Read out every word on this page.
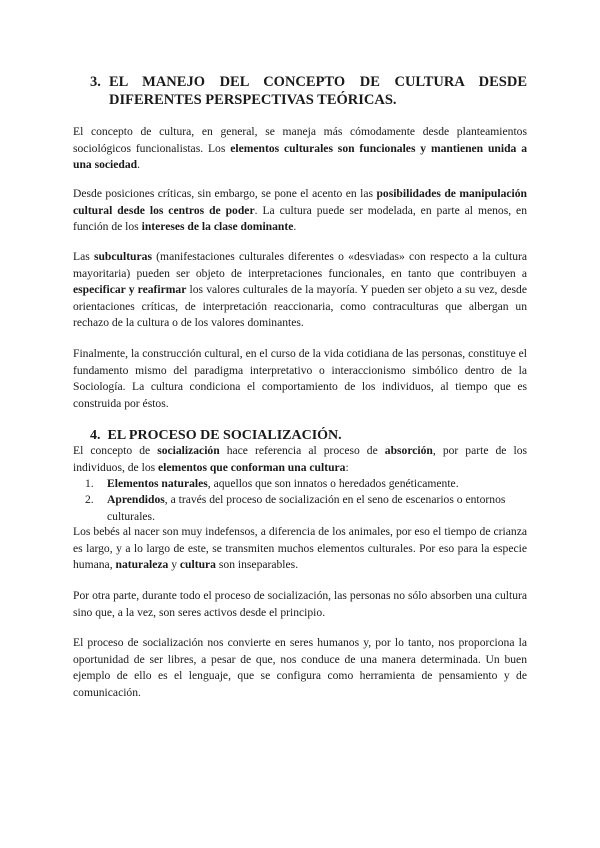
3. EL MANEJO DEL CONCEPTO DE CULTURA DESDE
DIFERENTES PERSPECTIVAS TEÓRICAS.

El concepto de cultura, en general, se maneja más cómodamente desde planteamientos sociológicos funcionalistas. Los elementos culturales son funcionales y mantienen unida a una sociedad.

Desde posiciones críticas, sin embargo, se pone el acento en las posibilidades de manipulación cultural desde los centros de poder. La cultura puede ser modelada, en parte al menos, en función de los intereses de la clase dominante.

Las subculturas (manifestaciones culturales diferentes o «desviadas» con respecto a la cultura mayoritaria) pueden ser objeto de interpretaciones funcionales, en tanto que contribuyen a especificar y reafirmar los valores culturales de la mayoría. Y pueden ser objeto a su vez, desde orientaciones críticas, de interpretación reaccionaria, como contraculturas que albergan un rechazo de la cultura o de los valores dominantes.

Finalmente, la construcción cultural, en el curso de la vida cotidiana de las personas, constituye el fundamento mismo del paradigma interpretativo o interaccionismo simbólico dentro de la Sociología. La cultura condiciona el comportamiento de los individuos, al tiempo que es construida por éstos.

4. EL PROCESO DE SOCIALIZACIÓN.

El concepto de socialización hace referencia al proceso de absorción, por parte de los individuos, de los elementos que conforman una cultura:

1. Elementos naturales, aquellos que son innatos o heredados genéticamente.
2. Aprendidos, a través del proceso de socialización en el seno de escenarios o entornos culturales.

Los bebés al nacer son muy indefensos, a diferencia de los animales, por eso el tiempo de crianza es largo, y a lo largo de este, se transmiten muchos elementos culturales. Por eso para la especie humana, naturaleza y cultura son inseparables.

Por otra parte, durante todo el proceso de socialización, las personas no sólo absorben una cultura sino que, a la vez, son seres activos desde el principio.

El proceso de socialización nos convierte en seres humanos y, por lo tanto, nos proporciona la oportunidad de ser libres, a pesar de que, nos conduce de una manera determinada. Un buen ejemplo de ello es el lenguaje, que se configura como herramienta de pensamiento y de comunicación.
